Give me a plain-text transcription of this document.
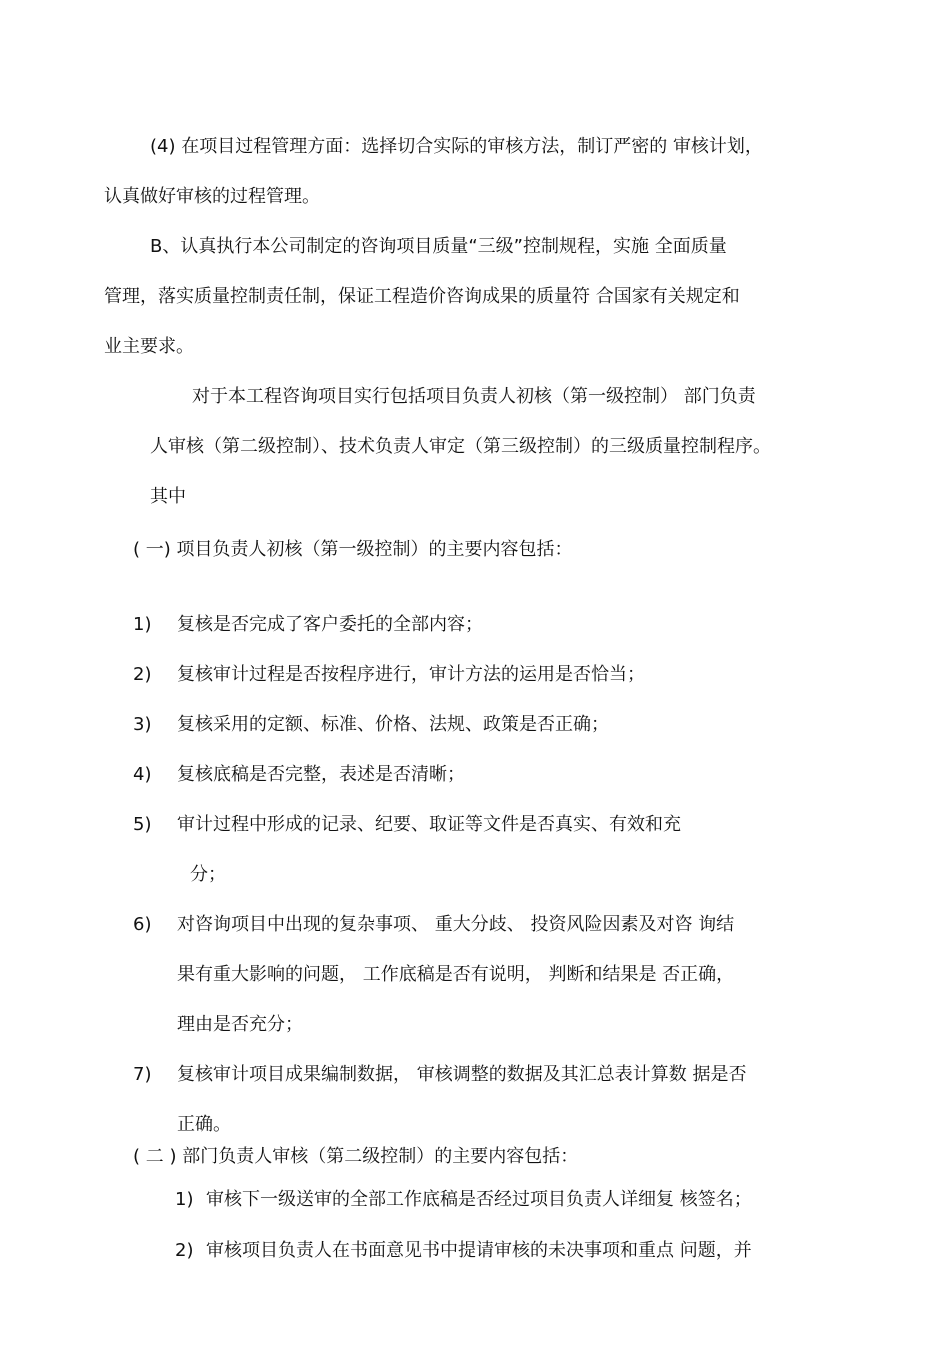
(4) 在项目过程管理方面：选择切合实际的审核方法，制订严密的 审核计划，
认真做好审核的过程管理。
B、认真执行本公司制定的咨询项目质量“三级”控制规程，实施 全面质量
管理，落实质量控制责任制，保证工程造价咨询成果的质量符 合国家有关规定和
业主要求。
对于本工程咨询项目实行包括项目负责人初核（第一级控制） 部门负责
人审核（第二级控制）、技术负责人审定（第三级控制）的三级质量控制程序。
其中
( 一) 项目负责人初核（第一级控制）的主要内容包括：
1) 复核是否完成了客户委托的全部内容；
2) 复核审计过程是否按程序进行，审计方法的运用是否恰当；
3) 复核采用的定额、标准、价格、法规、政策是否正确；
4) 复核底稿是否完整，表述是否清晰；
5) 审计过程中形成的记录、纪要、取证等文件是否真实、有效和充
分；
6) 对咨询项目中出现的复杂事项、 重大分歧、 投资风险因素及对咨 询结
果有重大影响的问题， 工作底稿是否有说明， 判断和结果是 否正确，
理由是否充分；
7) 复核审计项目成果编制数据， 审核调整的数据及其汇总表计算数 据是否
正确。
( 二 ) 部门负责人审核（第二级控制）的主要内容包括：
1) 审核下一级送审的全部工作底稿是否经过项目负责人详细复 核签名；
2) 审核项目负责人在书面意见书中提请审核的未决事项和重点 问题，并
